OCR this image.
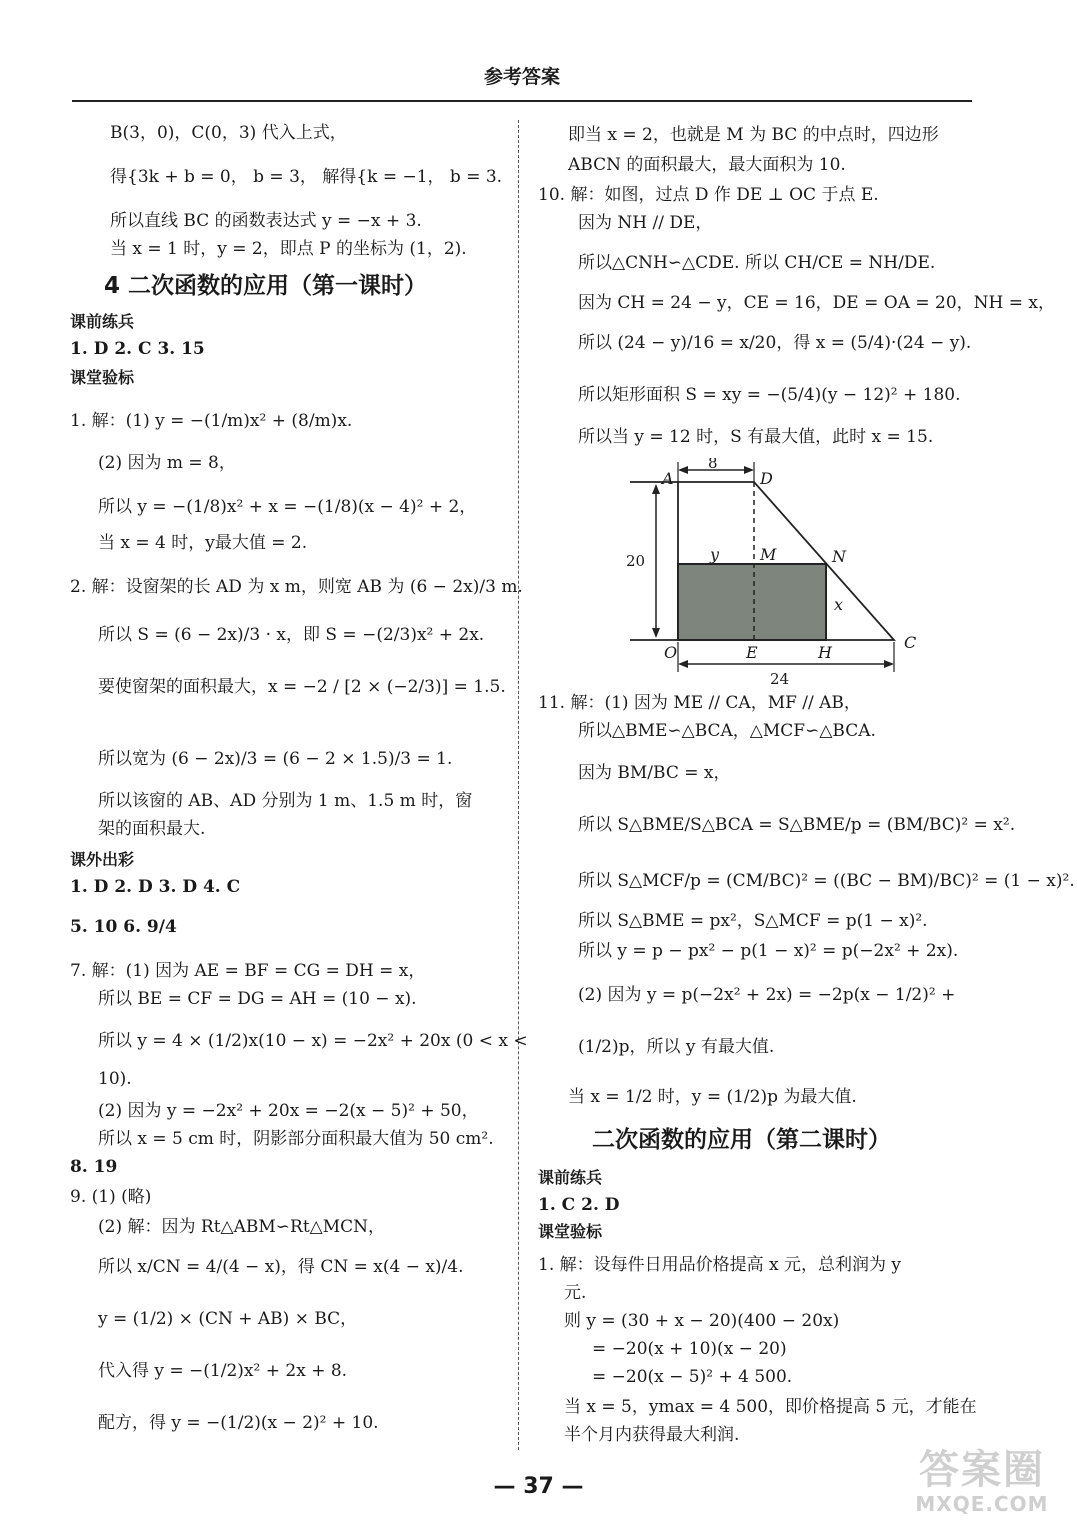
参考答案
B(3，0)，C(0，3) 代入上式，
得{3k + b = 0， b = 3， 解得{k = −1， b = 3.
所以直线 BC 的函数表达式 y = −x + 3.
当 x = 1 时，y = 2，即点 P 的坐标为 (1，2).
4 二次函数的应用（第一课时）
课前练兵
1. D 2. C 3. 15
课堂验标
1. 解：(1) y = −(1/m)x² + (8/m)x.
(2) 因为 m = 8，
所以 y = −(1/8)x² + x = −(1/8)(x − 4)² + 2，
当 x = 4 时，y最大值 = 2.
2. 解：设窗架的长 AD 为 x m，则宽 AB 为 (6 − 2x)/3 m.
所以 S = (6 − 2x)/3 · x，即 S = −(2/3)x² + 2x.
要使窗架的面积最大，x = −2 / [2 × (−2/3)] = 1.5.
所以宽为 (6 − 2x)/3 = (6 − 2 × 1.5)/3 = 1.
所以该窗的 AB、AD 分别为 1 m、1.5 m 时，窗
架的面积最大.
课外出彩
1. D 2. D 3. D 4. C
5. 10 6. 9/4
7. 解：(1) 因为 AE = BF = CG = DH = x，
所以 BE = CF = DG = AH = (10 − x).
所以 y = 4 × (1/2)x(10 − x) = −2x² + 20x (0 < x <
10).
(2) 因为 y = −2x² + 20x = −2(x − 5)² + 50，
所以 x = 5 cm 时，阴影部分面积最大值为 50 cm².
8. 19
9. (1) (略)
(2) 解：因为 Rt△ABM∽Rt△MCN，
所以 x/CN = 4/(4 − x)，得 CN = x(4 − x)/4.
y = (1/2) × (CN + AB) × BC，
代入得 y = −(1/2)x² + 2x + 8.
配方，得 y = −(1/2)(x − 2)² + 10.
即当 x = 2，也就是 M 为 BC 的中点时，四边形
ABCN 的面积最大，最大面积为 10.
10. 解：如图，过点 D 作 DE ⊥ OC 于点 E.
因为 NH // DE，
所以△CNH∽△CDE. 所以 CH/CE = NH/DE.
因为 CH = 24 − y，CE = 16，DE = OA = 20，NH = x，
所以 (24 − y)/16 = x/20，得 x = (5/4)·(24 − y).
所以矩形面积 S = xy = −(5/4)(y − 12)² + 180.
所以当 y = 12 时，S 有最大值，此时 x = 15.
11. 解：(1) 因为 ME // CA，MF // AB，
所以△BME∽△BCA，△MCF∽△BCA.
因为 BM/BC = x，
所以 S△BME/S△BCA = S△BME/p = (BM/BC)² = x².
所以 S△MCF/p = (CM/BC)² = ((BC − BM)/BC)² = (1 − x)².
所以 S△BME = px²，S△MCF = p(1 − x)².
所以 y = p − px² − p(1 − x)² = p(−2x² + 2x).
(2) 因为 y = p(−2x² + 2x) = −2p(x − 1/2)² +
(1/2)p，所以 y 有最大值.
当 x = 1/2 时，y = (1/2)p 为最大值.
二次函数的应用（第二课时）
课前练兵
1. C 2. D
课堂验标
1. 解：设每件日用品价格提高 x 元，总利润为 y
元.
则 y = (30 + x − 20)(400 − 20x)
= −20(x + 10)(x − 20)
= −20(x − 5)² + 4 500.
当 x = 5，ymax = 4 500，即价格提高 5 元，才能在
半个月内获得最大利润.
A	D
M	N
y
x
O	E	H
C
8
20
24
— 37 —	答案圈
MXQE.COM
